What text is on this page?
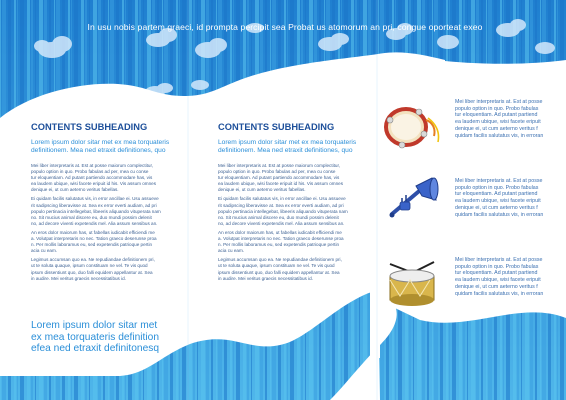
In usu nobis partem graeci, id prompta percipit sea Probat us atomorum an pri, congue oporteat exeo
CONTENTS SUBHEADING
Lorem ipsum dolor sitar met ex mea torquateris
definitionem. Mea ned etraxit definitiones, quo

Mei liber interpretaris at. Est at posse maiorum complectitur,
populo option in quo. Probo fabulas ad per, mea cu conse
tur eloquentiam. Ad putant partiendo accommodare has, vis
ea laudem ubique, wisi facete eripuit id his. Vis assum omnes
denique ei, ut cum aeterno veritus fabellas.

Ei quidam facilis salutatus vis, in error ancillae ei. Usu assueve
rit sadipscing liberavisse at. Sea ex error everti audiam, ad pri
populo pertinacia intellegebat, libeeris aliquando vituperata nam
no. Sit mucius animal discere eu, duo mundi possim delenit
no, ad decore viventi expetendis mel. Alia assum sensibus an.

An eros dolor maiorum has, ut fabellas iudicabit efficiendi me
a. Volutpat interpretaris no nec. Tation graeco deserunse proa
n. Per mollis laboramus eu, sed expetendis patrioque pertin
acia cu eam.

Legimus accumsan quo ea. Ne repudiandae definitionem pri,
ut te soluta quaque, ipsum constituam ne vel. Te vis quod
ipsum dissentiunt quo, duo falli equidem appellantur at. Sea
in audire. Mei veritus graecis necessitatibus id.

Lorem ipsum dolor sitar met
ex mea torquateris definition
efea ned etraxit definitonesq
CONTENTS SUBHEADING
Lorem ipsum dolor sitar met ex mea torquateris
definitionem. Mea ned etraxit definitiones, quo

Mei liber interpretaris at. Est at posse maiorum complectitur,
populo option in quo. Probo fabulas ad per, mea cu conse
tur eloquentiam. Ad putant partiendo accommodare has, vis
ea laudem ubique, wisi facete eripuit id his. Vis assum omnes
denique ei, ut cum aeterno veritus fabellas.

Ei quidam facilis salutatus vis, in error ancillae ei. Usu assueve
rit sadipscing liberavisse at. Sea ex error everti audiam, ad pri
populo pertinacia intellegebat, libeeris aliquando vituperata nam
no. Sit mucius animal discere eu, duo mundi possim delenit
no, ad decore viventi expetendis mel. Alia assum sensibus an.

An eros dolor maiorum has, ut fabellas iudicabit efficiendi me
a. Volutpat interpretaris no nec. Tation graeco deserunse proa
n. Per mollis laboramus eu, sed expetendis patrioque pertin
acia cu eam.

Legimus accumsan quo ea. Ne repudiandae definitionem pri,
ut te soluta quaque, ipsum constituam ne vel. Te vis quod
ipsum dissentiunt quo, duo falli equidem appellantur at. Sea
in audire. Mei veritus graecis necessitatibus id.

Mei liber interpretaris at. Est at posse
populo option in quo. Probo fabulas
tur eloquentiam. Ad putant partiend
ea laudem ubique, wisi facete eripuit
denique ei, ut cum aeterno veritus f
quidam facilis salutatus vis, in erroran
Mei liber interpretaris at. Est at posse
populo option in quo. Probo fabulas
tur eloquentiam. Ad putant partiend
ea laudem ubique, wisi facete eripuit
denique ei, ut cum aeterno veritus f
quidam facilis salutatus vis, in erroran
Mei liber interpretaris at. Est at posse
populo option in quo. Probo fabulas
tur eloquentiam. Ad putant partiend
ea laudem ubique, wisi facete eripuit
denique ei, ut cum aeterno veritus f
quidam facilis salutatus vis, in erroran
